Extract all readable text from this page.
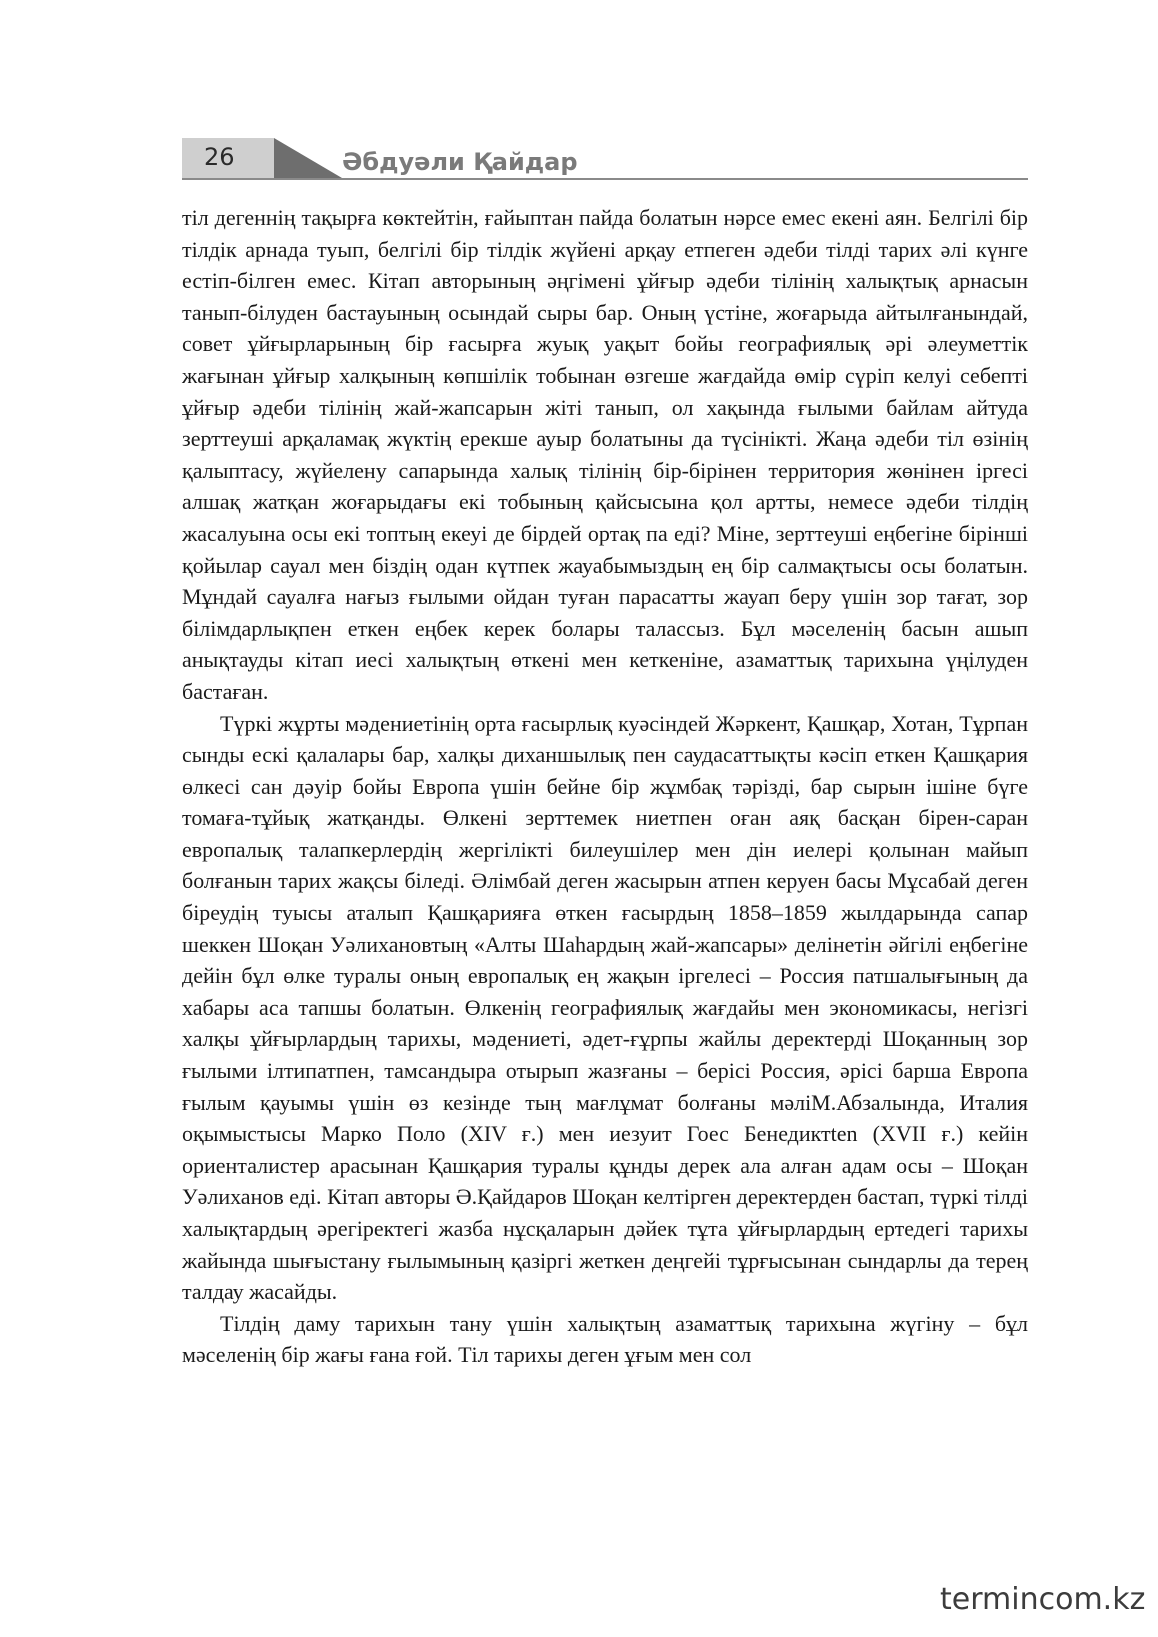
26	Әбдуәли Қайдар

тіл дегеннің тақырға көктейтін, ғайыптан пайда болатын нәрсе емес екені аян. Белгілі бір тілдік арнада туып, белгілі бір тілдік жүйені арқау етпеген әдеби тілді тарих әлі күнге естіп-білген емес. Кітап авторының әңгімені ұйғыр әдеби тілінің халықтық арнасын танып-білуден бастауының осындай сыры бар. Оның үстіне, жоғарыда айтылғанындай, совет ұйғырларының бір ғасырға жуық уақыт бойы географиялық әрі әлеуметтік жағынан ұйғыр халқының көпшілік тобынан өзгеше жағдайда өмір сүріп келуі себепті ұйғыр әдеби тілінің жай-жапсарын жіті танып, ол хақында ғылыми байлам айтуда зерттеуші арқаламақ жүктің ерекше ауыр болатыны да түсінікті. Жаңа әдеби тіл өзінің қалыптасу, жүйелену сапарында халық тілінің бір-бірінен территория жөнінен іргесі алшақ жатқан жоғарыдағы екі тобының қайсысына қол артты, немесе әдеби тілдің жасалуына осы екі топтың екеуі де бірдей ортақ па еді? Міне, зерттеуші еңбегіне бірінші қойылар сауал мен біздің одан күтпек жауабымыздың ең бір салмақтысы осы болатын. Мұндай сауалға нағыз ғылыми ойдан туған парасатты жауап беру үшін зор тағат, зор білімдарлықпен еткен еңбек керек болары талассыз. Бұл мәселенің басын ашып анықтауды кітап иесі халықтың өткені мен кеткеніне, азаматтық тарихына үңілуден бастаған.

Түркі жұрты мәдениетінің орта ғасырлық куәсіндей Жәркент, Қашқар, Хотан, Тұрпан сынды ескі қалалары бар, халқы диханшылық пен саудасаттықты кәсіп еткен Қашқария өлкесі сан дәуір бойы Европа үшін бейне бір жұмбақ тәрізді, бар сырын ішіне бүге томаға-тұйық жатқанды. Өлкені зерттемек ниетпен оған аяқ басқан бірен-саран европалық талапкерлердің жергілікті билеушілер мен дін иелері қолынан майып болғанын тарих жақсы біледі. Әлімбай деген жасырын атпен керуен басы Мұсабай деген біреудің туысы аталып Қашқарияға өткен ғасырдың 1858–1859 жылдарында сапар шеккен Шоқан Уәлихановтың «Алты Шаһардың жай-жапсары» делінетін әйгілі еңбегіне дейін бұл өлке туралы оның европалық ең жақын іргелесі – Россия патшалығының да хабары аса тапшы болатын. Өлкенің географиялық жағдайы мен экономикасы, негізгі халқы ұйғырлардың тарихы, мәдениеті, әдет-ғұрпы жайлы деректерді Шоқанның зор ғылыми ілтипатпен, тамсандыра отырып жазғаны – берісі Россия, әрісі барша Европа ғылым қауымы үшін өз кезінде тың мағлұмат болғаны мәліМ.Абзалында, Италия оқымыстысы Марко Поло (XIV ғ.) мен иезуит Гоес Бенедиктten (XVII ғ.) кейін ориенталистер арасынан Қашқария туралы құнды дерек ала алған адам осы – Шоқан Уәлиханов еді. Кітап авторы Ә.Қайдаров Шоқан келтірген деректерден бастап, түркі тілді халықтардың әрегіректегі жазба нұсқаларын дәйек тұта ұйғырлардың ертедегі тарихы жайында шығыстану ғылымының қазіргі жеткен деңгейі тұрғысынан сындарлы да терең талдау жасайды.

Тілдің даму тарихын тану үшін халықтың азаматтық тарихына жүгіну – бұл мәселенің бір жағы ғана ғой. Тіл тарихы деген ұғым мен сол

termincom.kz
